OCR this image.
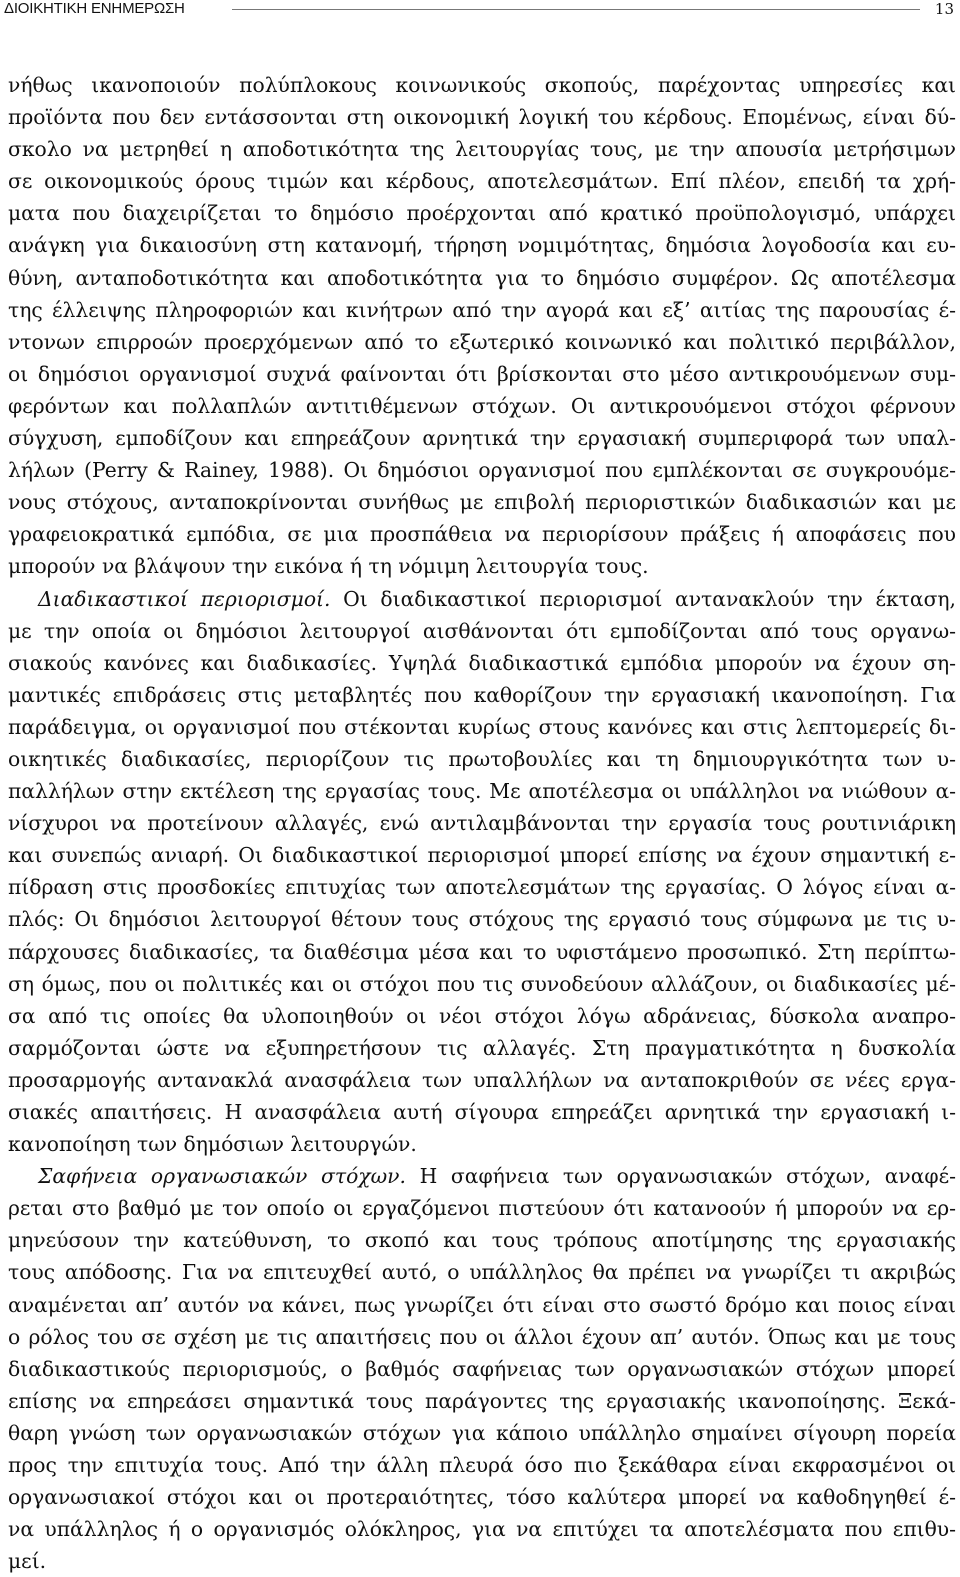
ΔΙΟΙΚΗΤΙΚΗ ΕΝΗΜΕΡΩΣΗ	13
νήθως ικανοποιούν πολύπλοκους κοινωνικούς σκοπούς, παρέχοντας υπηρεσίες και
προϊόντα που δεν εντάσσονται στη οικονομική λογική του κέρδους. Επομένως, είναι δύ-
σκολο να μετρηθεί η αποδοτικότητα της λειτουργίας τους, με την απουσία μετρήσιμων
σε οικονομικούς όρους τιμών και κέρδους, αποτελεσμάτων. Επί πλέον, επειδή τα χρή-
ματα που διαχειρίζεται το δημόσιο προέρχονται από κρατικό προϋπολογισμό, υπάρχει
ανάγκη για δικαιοσύνη στη κατανομή, τήρηση νομιμότητας, δημόσια λογοδοσία και ευ-
θύνη, ανταποδοτικότητα και αποδοτικότητα για το δημόσιο συμφέρον. Ως αποτέλεσμα
της έλλειψης πληροφοριών και κινήτρων από την αγορά και εξ’ αιτίας της παρουσίας έ-
ντονων επιρροών προερχόμενων από το εξωτερικό κοινωνικό και πολιτικό περιβάλλον,
οι δημόσιοι οργανισμοί συχνά φαίνονται ότι βρίσκονται στο μέσο αντικρουόμενων συμ-
φερόντων και πολλαπλών αντιτιθέμενων στόχων. Οι αντικρουόμενοι στόχοι φέρνουν
σύγχυση, εμποδίζουν και επηρεάζουν αρνητικά την εργασιακή συμπεριφορά των υπαλ-
λήλων (Perry & Rainey, 1988). Οι δημόσιοι οργανισμοί που εμπλέκονται σε συγκρουόμε-
νους στόχους, ανταποκρίνονται συνήθως με επιβολή περιοριστικών διαδικασιών και με
γραφειοκρατικά εμπόδια, σε μια προσπάθεια να περιορίσουν πράξεις ή αποφάσεις που
μπορούν να βλάψουν την εικόνα ή τη νόμιμη λειτουργία τους.
Διαδικαστικοί περιορισμοί. Οι διαδικαστικοί περιορισμοί αντανακλούν την έκταση,
με την οποία οι δημόσιοι λειτουργοί αισθάνονται ότι εμποδίζονται από τους οργανω-
σιακούς κανόνες και διαδικασίες. Υψηλά διαδικαστικά εμπόδια μπορούν να έχουν ση-
μαντικές επιδράσεις στις μεταβλητές που καθορίζουν την εργασιακή ικανοποίηση. Για
παράδειγμα, οι οργανισμοί που στέκονται κυρίως στους κανόνες και στις λεπτομερείς δι-
οικητικές διαδικασίες, περιορίζουν τις πρωτοβουλίες και τη δημιουργικότητα των υ-
παλλήλων στην εκτέλεση της εργασίας τους. Με αποτέλεσμα οι υπάλληλοι να νιώθουν α-
νίσχυροι να προτείνουν αλλαγές, ενώ αντιλαμβάνονται την εργασία τους ρουτινιάρικη
και συνεπώς ανιαρή. Οι διαδικαστικοί περιορισμοί μπορεί επίσης να έχουν σημαντική ε-
πίδραση στις προσδοκίες επιτυχίας των αποτελεσμάτων της εργασίας. Ο λόγος είναι α-
πλός: Οι δημόσιοι λειτουργοί θέτουν τους στόχους της εργασιό τους σύμφωνα με τις υ-
πάρχουσες διαδικασίες, τα διαθέσιμα μέσα και το υφιστάμενο προσωπικό. Στη περίπτω-
ση όμως, που οι πολιτικές και οι στόχοι που τις συνοδεύουν αλλάζουν, οι διαδικασίες μέ-
σα από τις οποίες θα υλοποιηθούν οι νέοι στόχοι λόγω αδράνειας, δύσκολα αναπρο-
σαρμόζονται ώστε να εξυπηρετήσουν τις αλλαγές. Στη πραγματικότητα η δυσκολία
προσαρμογής αντανακλά ανασφάλεια των υπαλλήλων να ανταποκριθούν σε νέες εργα-
σιακές απαιτήσεις. Η ανασφάλεια αυτή σίγουρα επηρεάζει αρνητικά την εργασιακή ι-
κανοποίηση των δημόσιων λειτουργών.
Σαφήνεια οργανωσιακών στόχων. Η σαφήνεια των οργανωσιακών στόχων, αναφέ-
ρεται στο βαθμό με τον οποίο οι εργαζόμενοι πιστεύουν ότι κατανοούν ή μπορούν να ερ-
μηνεύσουν την κατεύθυνση, το σκοπό και τους τρόπους αποτίμησης της εργασιακής
τους απόδοσης. Για να επιτευχθεί αυτό, ο υπάλληλος θα πρέπει να γνωρίζει τι ακριβώς
αναμένεται απ’ αυτόν να κάνει, πως γνωρίζει ότι είναι στο σωστό δρόμο και ποιος είναι
ο ρόλος του σε σχέση με τις απαιτήσεις που οι άλλοι έχουν απ’ αυτόν. Όπως και με τους
διαδικαστικούς περιορισμούς, ο βαθμός σαφήνειας των οργανωσιακών στόχων μπορεί
επίσης να επηρεάσει σημαντικά τους παράγοντες της εργασιακής ικανοποίησης. Ξεκά-
θαρη γνώση των οργανωσιακών στόχων για κάποιο υπάλληλο σημαίνει σίγουρη πορεία
προς την επιτυχία τους. Από την άλλη πλευρά όσο πιο ξεκάθαρα είναι εκφρασμένοι οι
οργανωσιακοί στόχοι και οι προτεραιότητες, τόσο καλύτερα μπορεί να καθοδηγηθεί έ-
να υπάλληλος ή ο οργανισμός ολόκληρος, για να επιτύχει τα αποτελέσματα που επιθυ-
μεί.
